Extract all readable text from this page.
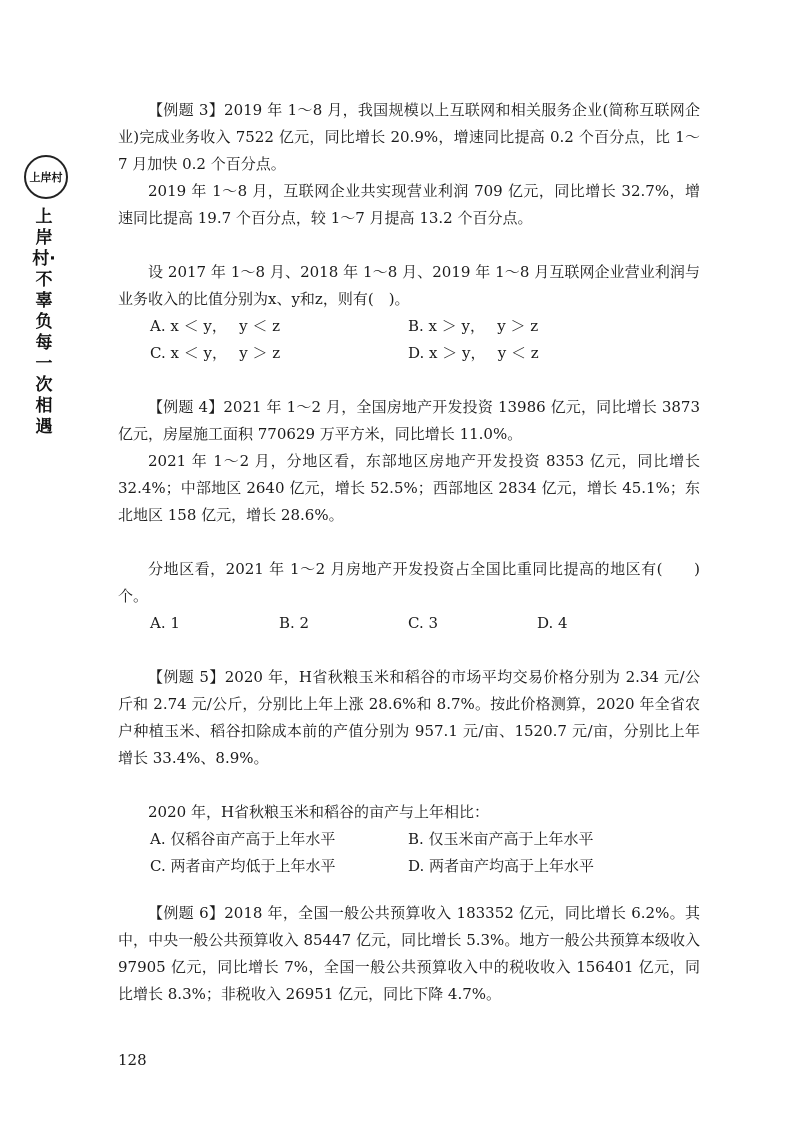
上岸村
上岸村·不辜负每一次相遇

【例题 3】2019 年 1～8 月，我国规模以上互联网和相关服务企业(简称互联网企业)完成业务收入 7522 亿元，同比增长 20.9%，增速同比提高 0.2 个百分点，比 1～7 月加快 0.2 个百分点。

2019 年 1～8 月，互联网企业共实现营业利润 709 亿元，同比增长 32.7%，增速同比提高 19.7 个百分点，较 1～7 月提高 13.2 个百分点。

设 2017 年 1～8 月、2018 年 1～8 月、2019 年 1～8 月互联网企业营业利润与业务收入的比值分别为x、y和z，则有(　)。

A. x ＜ y，　 y ＜ z	B. x ＞ y，　 y ＞ z
C. x ＜ y，　 y ＞ z	D. x ＞ y，　 y ＜ z

【例题 4】2021 年 1～2 月，全国房地产开发投资 13986 亿元，同比增长 3873 亿元，房屋施工面积 770629 万平方米，同比增长 11.0%。

2021 年 1～2 月，分地区看，东部地区房地产开发投资 8353 亿元，同比增长 32.4%；中部地区 2640 亿元，增长 52.5%；西部地区 2834 亿元，增长 45.1%；东北地区 158 亿元，增长 28.6%。

分地区看，2021 年 1～2 月房地产开发投资占全国比重同比提高的地区有(　　)个。

A. 1	B. 2	C. 3	D. 4

【例题 5】2020 年，H省秋粮玉米和稻谷的市场平均交易价格分别为 2.34 元/公斤和 2.74 元/公斤，分别比上年上涨 28.6%和 8.7%。按此价格测算，2020 年全省农户种植玉米、稻谷扣除成本前的产值分别为 957.1 元/亩、1520.7 元/亩，分别比上年增长 33.4%、8.9%。

2020 年，H省秋粮玉米和稻谷的亩产与上年相比：

A. 仅稻谷亩产高于上年水平	B. 仅玉米亩产高于上年水平
C. 两者亩产均低于上年水平	D. 两者亩产均高于上年水平

【例题 6】2018 年，全国一般公共预算收入 183352 亿元，同比增长 6.2%。其中，中央一般公共预算收入 85447 亿元，同比增长 5.3%。地方一般公共预算本级收入 97905 亿元，同比增长 7%，全国一般公共预算收入中的税收收入 156401 亿元，同比增长 8.3%；非税收入 26951 亿元，同比下降 4.7%。

128
